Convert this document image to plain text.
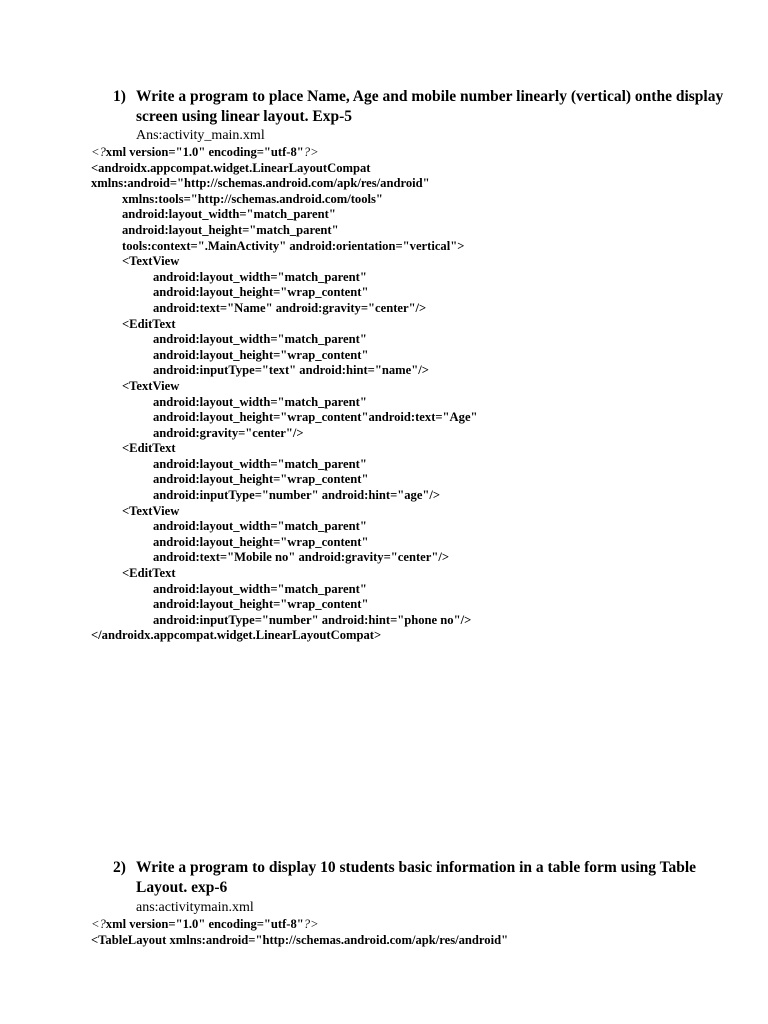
1) Write a program to place Name, Age and mobile number linearly (vertical) onthe display screen using linear layout. Exp-5
Ans:activity_main.xml
<?xml version="1.0" encoding="utf-8"?>
<androidx.appcompat.widget.LinearLayoutCompat
xmlns:android="http://schemas.android.com/apk/res/android"
xmlns:tools="http://schemas.android.com/tools"
android:layout_width="match_parent"
android:layout_height="match_parent"
tools:context=".MainActivity" android:orientation="vertical">
<TextView
android:layout_width="match_parent"
android:layout_height="wrap_content"
android:text="Name" android:gravity="center"/>
<EditText
android:layout_width="match_parent"
android:layout_height="wrap_content"
android:inputType="text" android:hint="name"/>
<TextView
android:layout_width="match_parent"
android:layout_height="wrap_content"android:text="Age"
android:gravity="center"/>
<EditText
android:layout_width="match_parent"
android:layout_height="wrap_content"
android:inputType="number" android:hint="age"/>
<TextView
android:layout_width="match_parent"
android:layout_height="wrap_content"
android:text="Mobile no" android:gravity="center"/>
<EditText
android:layout_width="match_parent"
android:layout_height="wrap_content"
android:inputType="number" android:hint="phone no"/>
</androidx.appcompat.widget.LinearLayoutCompat>
2) Write a program to display 10 students basic information in a table form using Table Layout. exp-6
ans:activitymain.xml
<?xml version="1.0" encoding="utf-8"?>
<TableLayout xmlns:android="http://schemas.android.com/apk/res/android"
